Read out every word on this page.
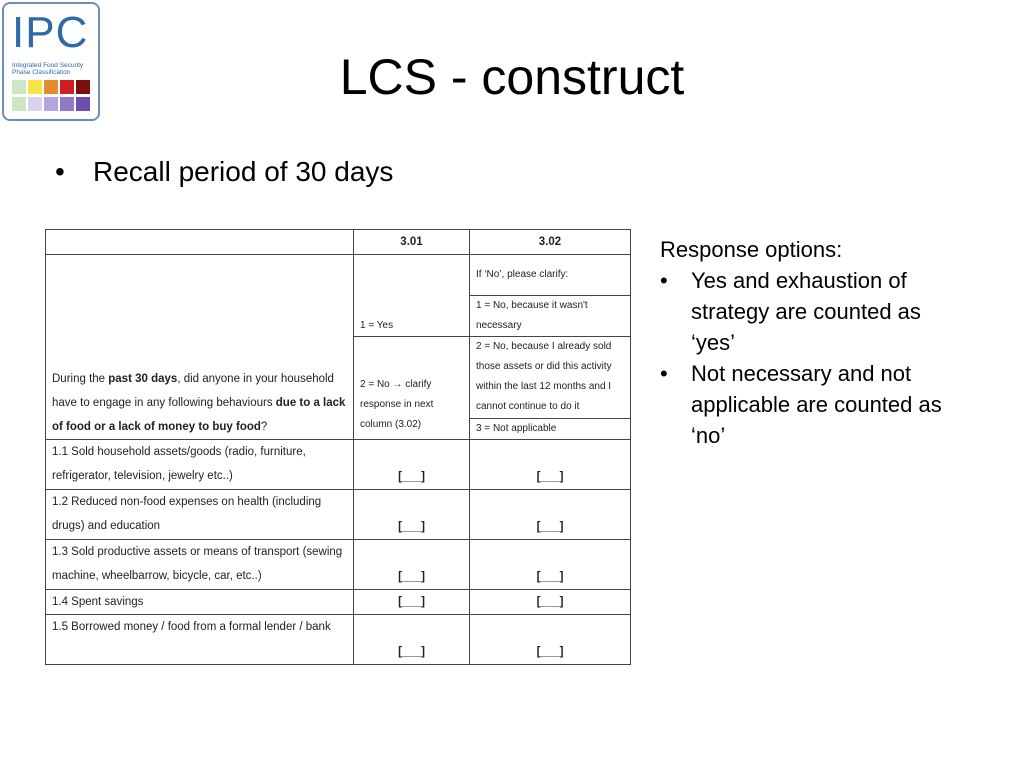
IPC
Integrated Food Security
Phase Classification	LCS - construct
• Recall period of 30 days
	3.01	3.02
During the past 30 days, did anyone in your household have to engage in any following behaviours due to a lack of food or a lack of money to buy food?		If ‘No’, please clarify:
	1 = Yes	1 = No, because it wasn't necessary
	2 = No → clarify response in next column (3.02)	2 = No, because I already sold those assets or did this activity within the last 12 months and I cannot continue to do it
		3 = Not applicable
1.1 Sold household assets/goods (radio, furniture, refrigerator, television, jewelry etc..)	[___]	[___]
1.2 Reduced non-food expenses on health (including drugs) and education	[___]	[___]
1.3 Sold productive assets or means of transport (sewing machine, wheelbarrow, bicycle, car, etc..)	[___]	[___]
1.4 Spent savings	[___]	[___]
1.5 Borrowed money / food from a formal lender / bank	[___]	[___]
Response options:
• Yes and exhaustion of strategy are counted as ‘yes’
• Not necessary and not applicable are counted as ‘no’
